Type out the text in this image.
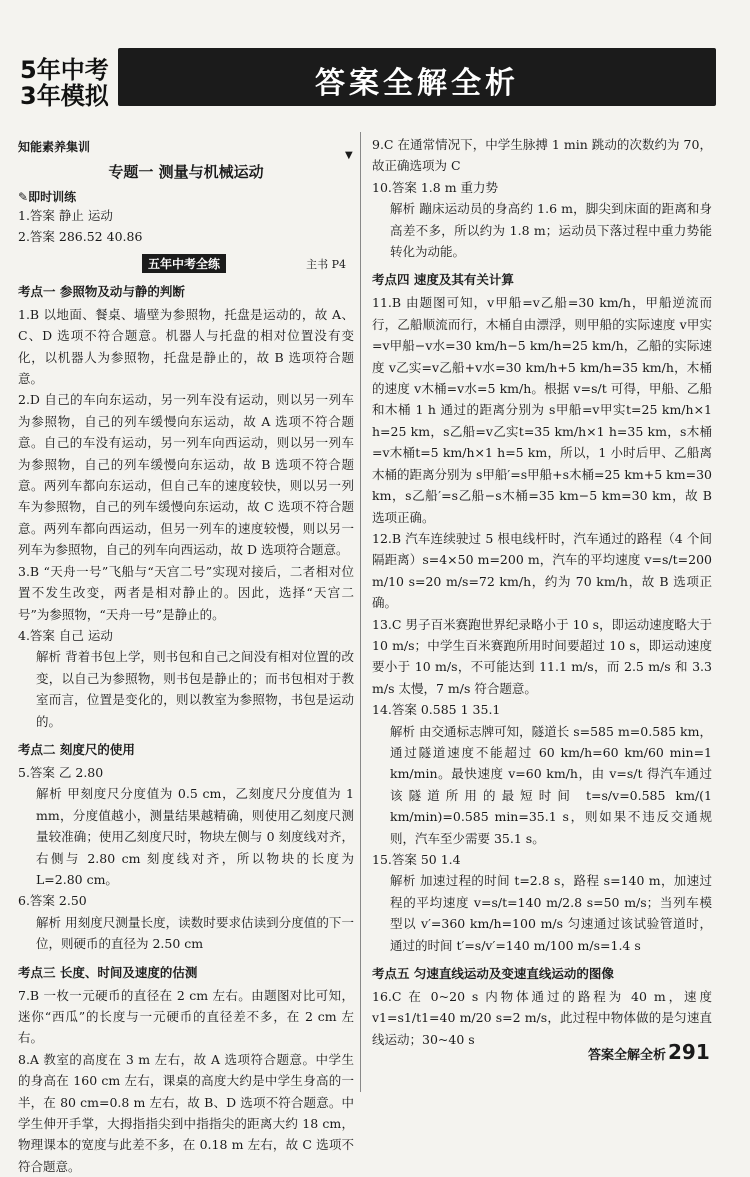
5年中考
3年模拟	答案全解全析
▼

知能素养集训

专题一 测量与机械运动

✎即时训练

1.答案 静止 运动

2.答案 286.52 40.86

五年中考全练	主书 P4

考点一 参照物及动与静的判断

1.B 以地面、餐桌、墙壁为参照物，托盘是运动的，故 A、C、D 选项不符合题意。机器人与托盘的相对位置没有变化，以机器人为参照物，托盘是静止的，故 B 选项符合题意。

2.D 自己的车向东运动，另一列车没有运动，则以另一列车为参照物，自己的列车缓慢向东运动，故 A 选项不符合题意。自己的车没有运动，另一列车向西运动，则以另一列车为参照物，自己的列车缓慢向东运动，故 B 选项不符合题意。两列车都向东运动，但自己车的速度较快，则以另一列车为参照物，自己的列车缓慢向东运动，故 C 选项不符合题意。两列车都向西运动，但另一列车的速度较慢，则以另一列车为参照物，自己的列车向西运动，故 D 选项符合题意。

3.B “天舟一号”飞船与“天宫二号”实现对接后，二者相对位置不发生改变，两者是相对静止的。因此，选择“天宫二号”为参照物，“天舟一号”是静止的。

4.答案 自己 运动

解析 背着书包上学，则书包和自己之间没有相对位置的改变，以自己为参照物，则书包是静止的；而书包相对于教室而言，位置是变化的，则以教室为参照物，书包是运动的。

考点二 刻度尺的使用

5.答案 乙 2.80

解析 甲刻度尺分度值为 0.5 cm，乙刻度尺分度值为 1 mm，分度值越小，测量结果越精确，则使用乙刻度尺测量较准确；使用乙刻度尺时，物块左侧与 0 刻度线对齐，右侧与 2.80 cm 刻度线对齐，所以物块的长度为 L=2.80 cm。

6.答案 2.50

解析 用刻度尺测量长度，读数时要求估读到分度值的下一位，则硬币的直径为 2.50 cm

考点三 长度、时间及速度的估测

7.B 一枚一元硬币的直径在 2 cm 左右。由题图对比可知，迷你“西瓜”的长度与一元硬币的直径差不多，在 2 cm 左右。

8.A 教室的高度在 3 m 左右，故 A 选项符合题意。中学生的身高在 160 cm 左右，课桌的高度大约是中学生身高的一半，在 80 cm=0.8 m 左右，故 B、D 选项不符合题意。中学生伸开手掌，大拇指指尖到中指指尖的距离大约 18 cm，物理课本的宽度与此差不多，在 0.18 m 左右，故 C 选项不符合题意。

9.C 在通常情况下，中学生脉搏 1 min 跳动的次数约为 70，故正确选项为 C

10.答案 1.8 m 重力势

解析 蹦床运动员的身高约 1.6 m，脚尖到床面的距离和身高差不多，所以约为 1.8 m；运动员下落过程中重力势能转化为动能。

考点四 速度及其有关计算

11.B 由题图可知，v甲船=v乙船=30 km/h，甲船逆流而行，乙船顺流而行，木桶自由漂浮，则甲船的实际速度 v甲实=v甲船−v水=30 km/h−5 km/h=25 km/h，乙船的实际速度 v乙实=v乙船+v水=30 km/h+5 km/h=35 km/h，木桶的速度 v木桶=v水=5 km/h。根据 v=s/t 可得，甲船、乙船和木桶 1 h 通过的距离分别为 s甲船=v甲实t=25 km/h×1 h=25 km，s乙船=v乙实t=35 km/h×1 h=35 km，s木桶=v木桶t=5 km/h×1 h=5 km，所以，1 小时后甲、乙船离木桶的距离分别为 s甲船′=s甲船+s木桶=25 km+5 km=30 km，s乙船′=s乙船−s木桶=35 km−5 km=30 km，故 B 选项正确。

12.B 汽车连续驶过 5 根电线杆时，汽车通过的路程（4 个间隔距离）s=4×50 m=200 m，汽车的平均速度 v=s/t=200 m/10 s=20 m/s=72 km/h，约为 70 km/h，故 B 选项正确。

13.C 男子百米赛跑世界纪录略小于 10 s，即运动速度略大于 10 m/s；中学生百米赛跑所用时间要超过 10 s，即运动速度要小于 10 m/s，不可能达到 11.1 m/s，而 2.5 m/s 和 3.3 m/s 太慢，7 m/s 符合题意。

14.答案 0.585 1 35.1

解析 由交通标志牌可知，隧道长 s=585 m=0.585 km，通过隧道速度不能超过 60 km/h=60 km/60 min=1 km/min。最快速度 v=60 km/h，由 v=s/t 得汽车通过该隧道所用的最短时间 t=s/v=0.585 km/(1 km/min)=0.585 min=35.1 s，则如果不违反交通规则，汽车至少需要 35.1 s。

15.答案 50 1.4

解析 加速过程的时间 t=2.8 s，路程 s=140 m，加速过程的平均速度 v=s/t=140 m/2.8 s=50 m/s；当列车模型以 v′=360 km/h=100 m/s 匀速通过该试验管道时，通过的时间 t′=s/v′=140 m/100 m/s=1.4 s

考点五 匀速直线运动及变速直线运动的图像

16.C 在 0~20 s 内物体通过的路程为 40 m，速度 v1=s1/t1=40 m/20 s=2 m/s，此过程中物体做的是匀速直线运动；30~40 s

答案全解全析 291
